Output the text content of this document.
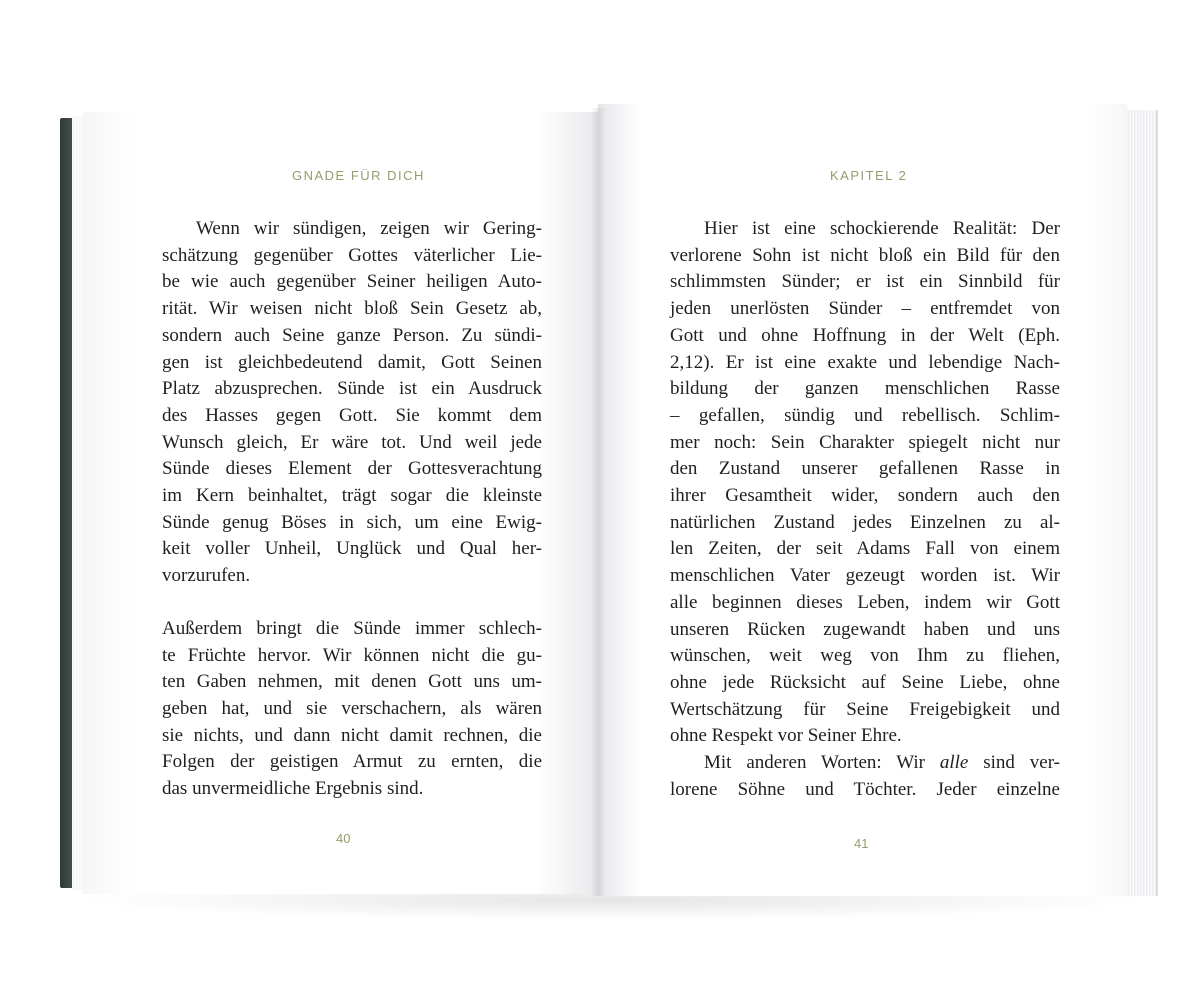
GNADE FÜR DICH
Wenn wir sündigen, zeigen wir Gering-
schätzung gegenüber Gottes väterlicher Lie-
be wie auch gegenüber Seiner heiligen Auto-
rität. Wir weisen nicht bloß Sein Gesetz ab,
sondern auch Seine ganze Person. Zu sündi-
gen ist gleichbedeutend damit, Gott Seinen
Platz abzusprechen. Sünde ist ein Ausdruck
des Hasses gegen Gott. Sie kommt dem
Wunsch gleich, Er wäre tot. Und weil jede
Sünde dieses Element der Gottesverachtung
im Kern beinhaltet, trägt sogar die kleinste
Sünde genug Böses in sich, um eine Ewig-
keit voller Unheil, Unglück und Qual her-
vorzurufen.
Außerdem bringt die Sünde immer schlech-
te Früchte hervor. Wir können nicht die gu-
ten Gaben nehmen, mit denen Gott uns um-
geben hat, und sie verschachern, als wären
sie nichts, und dann nicht damit rechnen, die
Folgen der geistigen Armut zu ernten, die
das unvermeidliche Ergebnis sind.
40
KAPITEL 2
Hier ist eine schockierende Realität: Der
verlorene Sohn ist nicht bloß ein Bild für den
schlimmsten Sünder; er ist ein Sinnbild für
jeden unerlösten Sünder – entfremdet von
Gott und ohne Hoffnung in der Welt (Eph.
2,12). Er ist eine exakte und lebendige Nach-
bildung der ganzen menschlichen Rasse
– gefallen, sündig und rebellisch. Schlim-
mer noch: Sein Charakter spiegelt nicht nur
den Zustand unserer gefallenen Rasse in
ihrer Gesamtheit wider, sondern auch den
natürlichen Zustand jedes Einzelnen zu al-
len Zeiten, der seit Adams Fall von einem
menschlichen Vater gezeugt worden ist. Wir
alle beginnen dieses Leben, indem wir Gott
unseren Rücken zugewandt haben und uns
wünschen, weit weg von Ihm zu fliehen,
ohne jede Rücksicht auf Seine Liebe, ohne
Wertschätzung für Seine Freigebigkeit und
ohne Respekt vor Seiner Ehre.
Mit anderen Worten: Wir alle sind ver-
lorene Söhne und Töchter. Jeder einzelne
41
